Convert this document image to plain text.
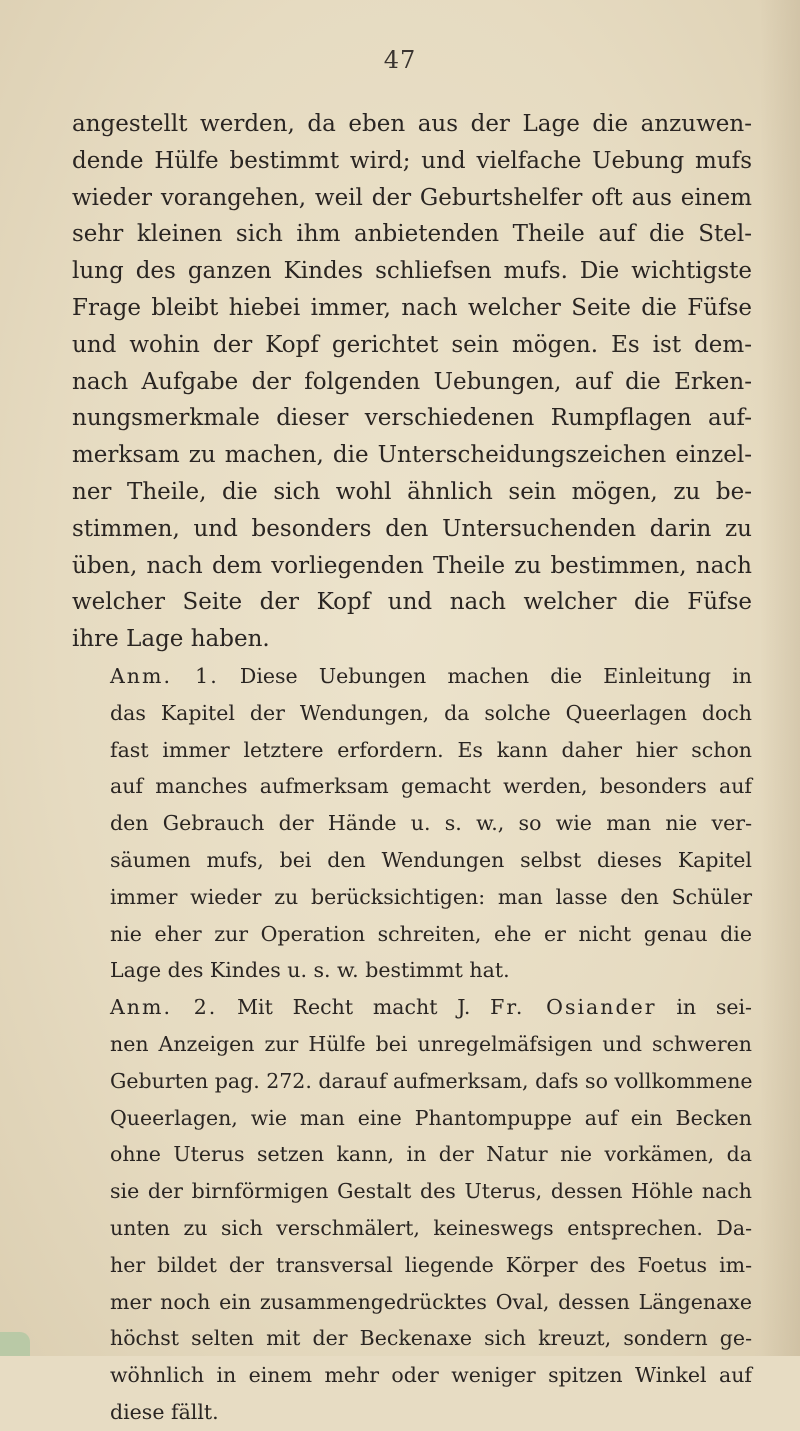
47
angestellt werden, da eben aus der Lage die anzuwen-
dende Hülfe bestimmt wird; und vielfache Uebung mufs
wieder vorangehen, weil der Geburtshelfer oft aus einem
sehr kleinen sich ihm anbietenden Theile auf die Stel-
lung des ganzen Kindes schliefsen mufs. Die wichtigste
Frage bleibt hiebei immer, nach welcher Seite die Füfse
und wohin der Kopf gerichtet sein mögen. Es ist dem-
nach Aufgabe der folgenden Uebungen, auf die Erken-
nungsmerkmale dieser verschiedenen Rumpflagen auf-
merksam zu machen, die Unterscheidungszeichen einzel-
ner Theile, die sich wohl ähnlich sein mögen, zu be-
stimmen, und besonders den Untersuchenden darin zu
üben, nach dem vorliegenden Theile zu bestimmen, nach
welcher Seite der Kopf und nach welcher die Füfse
ihre Lage haben.
Anm. 1. Diese Uebungen machen die Einleitung in
das Kapitel der Wendungen, da solche Queerlagen doch
fast immer letztere erfordern. Es kann daher hier schon
auf manches aufmerksam gemacht werden, besonders auf
den Gebrauch der Hände u. s. w., so wie man nie ver-
säumen mufs, bei den Wendungen selbst dieses Kapitel
immer wieder zu berücksichtigen: man lasse den Schüler
nie eher zur Operation schreiten, ehe er nicht genau die
Lage des Kindes u. s. w. bestimmt hat.
Anm. 2. Mit Recht macht J. Fr. Osiander in sei-
nen Anzeigen zur Hülfe bei unregelmäfsigen und schweren
Geburten pag. 272. darauf aufmerksam, dafs so vollkommene
Queerlagen, wie man eine Phantompuppe auf ein Becken
ohne Uterus setzen kann, in der Natur nie vorkämen, da
sie der birnförmigen Gestalt des Uterus, dessen Höhle nach
unten zu sich verschmälert, keineswegs entsprechen. Da-
her bildet der transversal liegende Körper des Foetus im-
mer noch ein zusammengedrücktes Oval, dessen Längenaxe
höchst selten mit der Beckenaxe sich kreuzt, sondern ge-
wöhnlich in einem mehr oder weniger spitzen Winkel auf
diese fällt.
